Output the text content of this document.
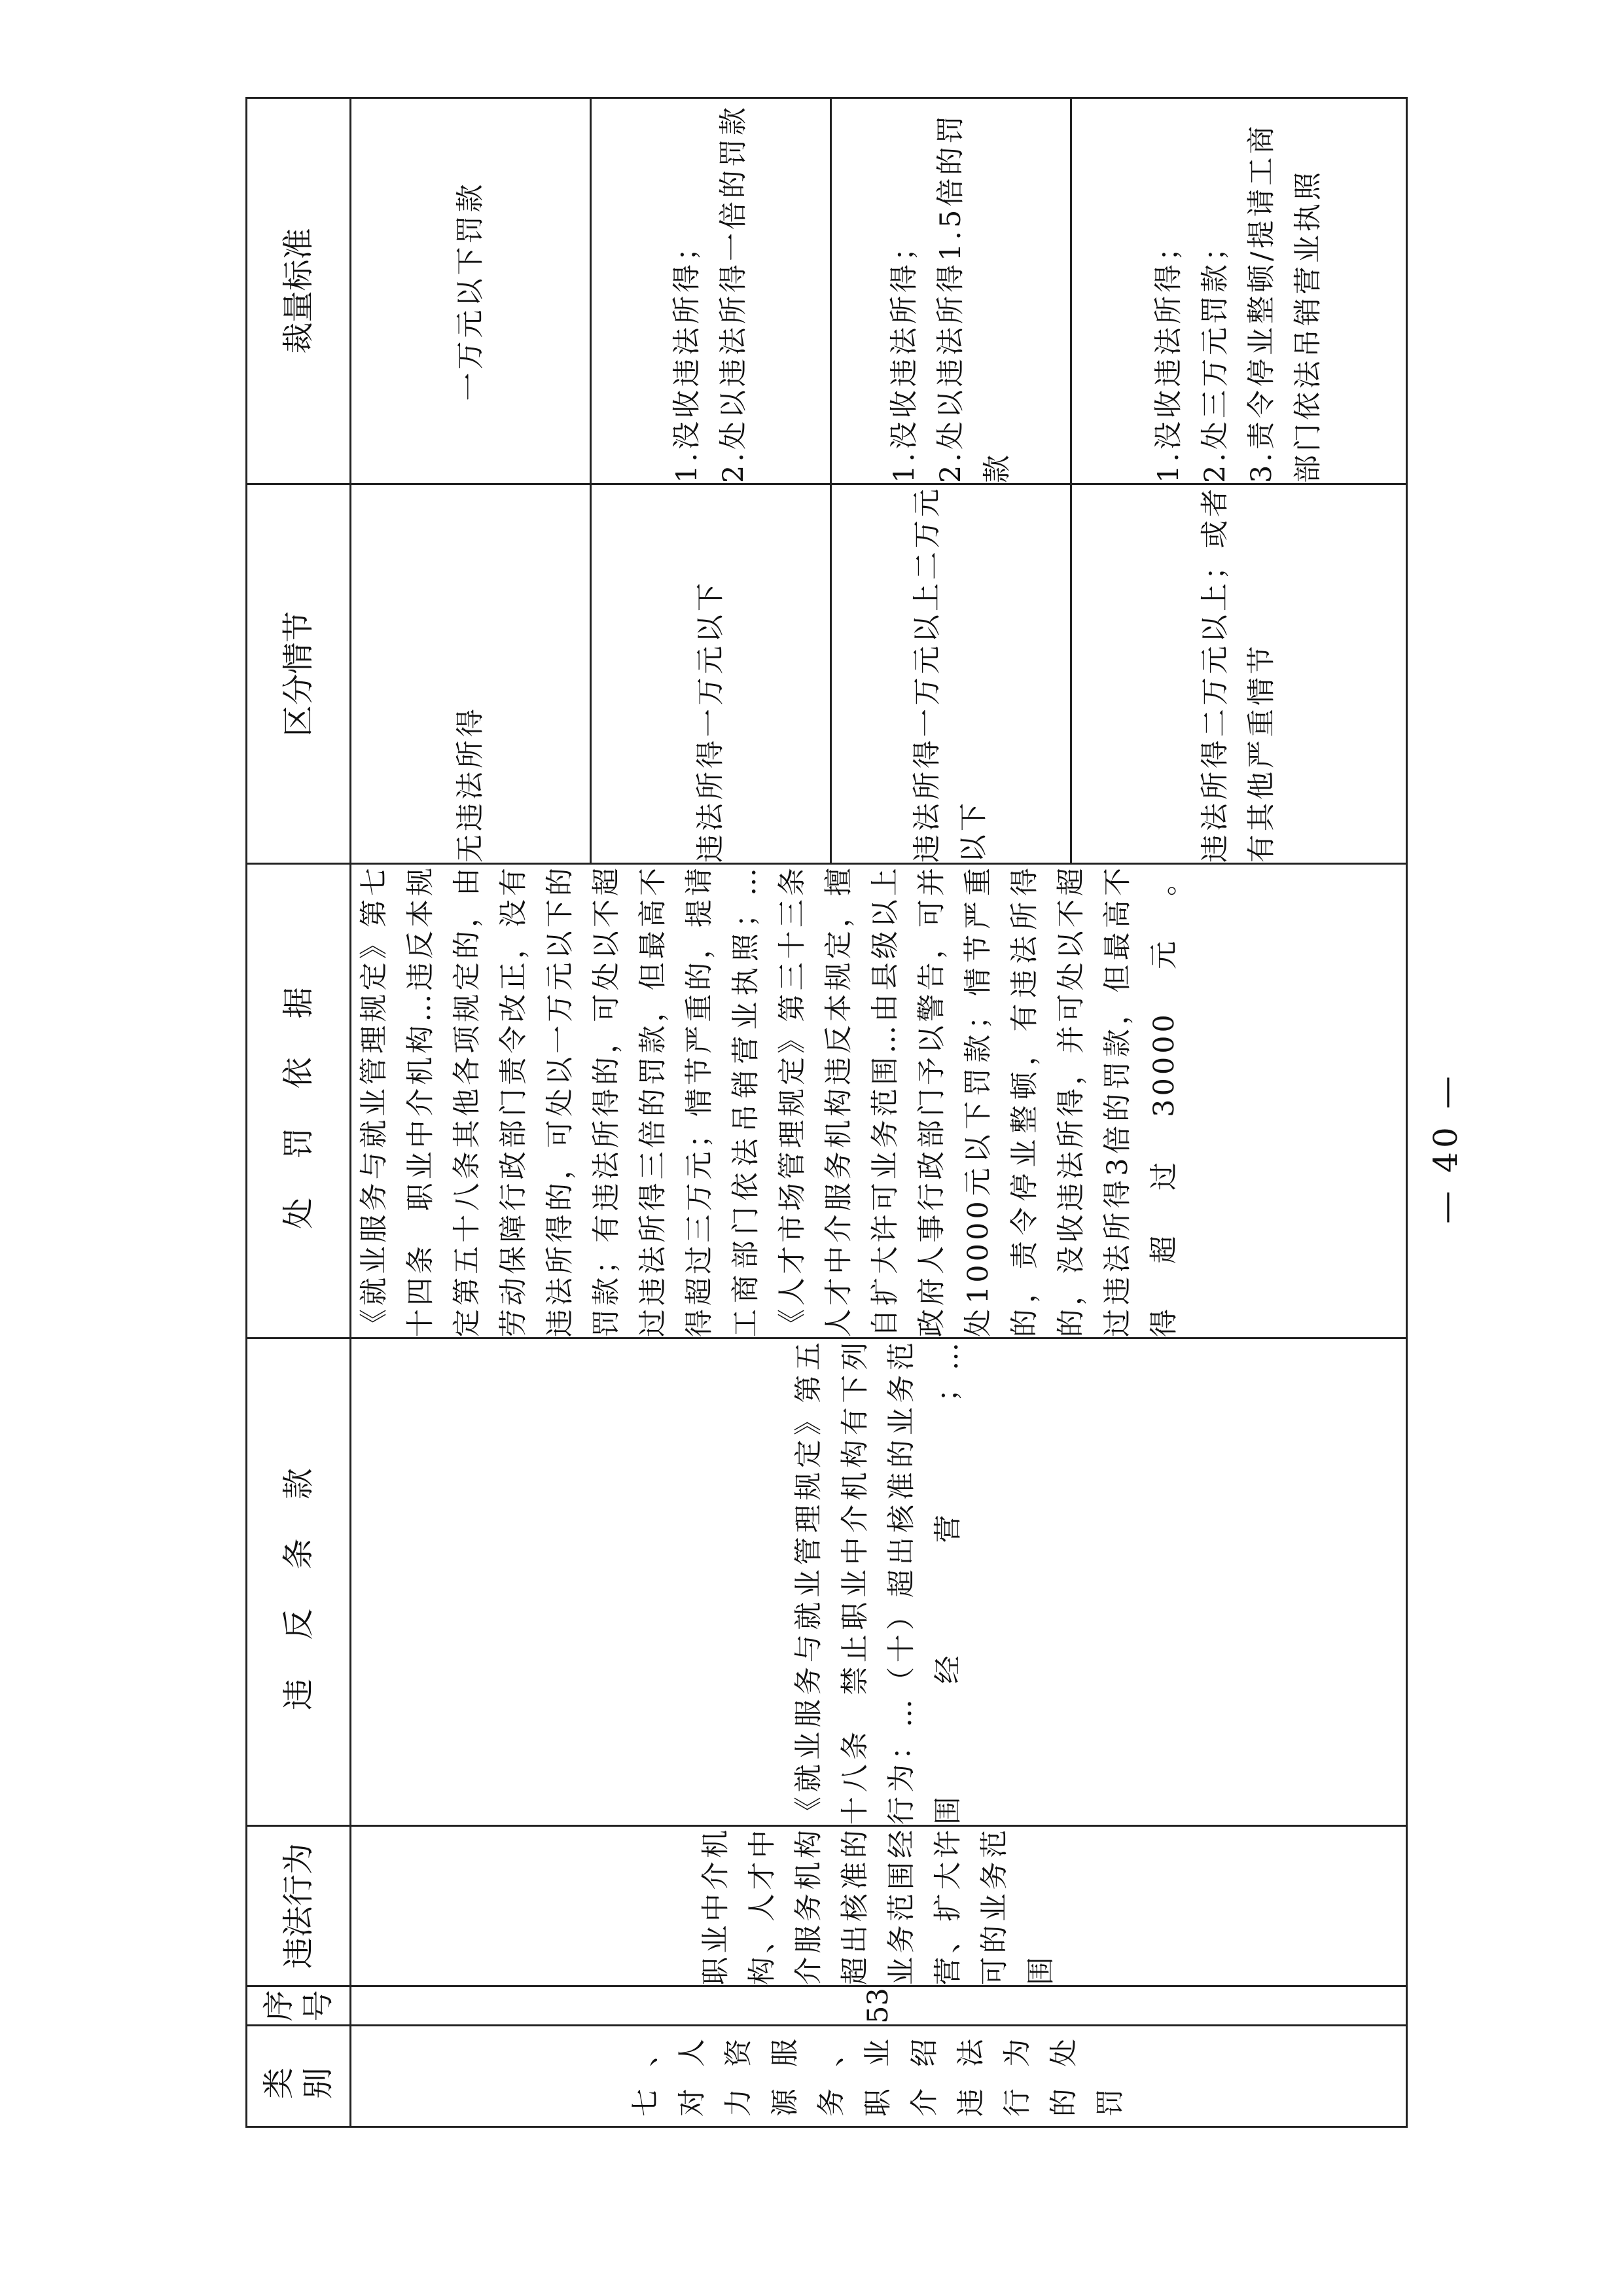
类 别	序 号	违法行为	违 反 条 款	处 罚 依 据	区分情节	裁量标准
七、对人力资源服务、职业介绍违法行为的处罚	53	职业中介机构、人才中介服务机构超出核准的业务范围经营、扩大许可的业务范围	《就业服务与就业管理规定》第五十八条　禁止职业中介机构有下列行为：…（十）超出核准的业务范围经营；…	《就业服务与就业管理规定》第七十四条　职业中介机构…违反本规定第五十八条其他各项规定的，由劳动保障行政部门责令改正，没有违法所得的，可处以一万元以下的罚款；有违法所得的，可处以不超过违法所得三倍的罚款，但最高不得超过三万元；情节严重的，提请工商部门依法吊销营业执照；… 《人才市场管理规定》第三十三条　人才中介服务机构违反本规定，擅自扩大许可业务范围…由县级以上政府人事行政部门予以警告，可并处10000元以下罚款；情节严重的，责令停业整顿，有违法所得的，没收违法所得，并可处以不超过违法所得3倍的罚款，但最高不得超过30000元。	无违法所得	一万元以下罚款

					违法所得一万元以下	1.没收违法所得； 2.处以违法所得一倍的罚款

					违法所得一万元以上二万元以下	1.没收违法所得； 2.处以违法所得1.5倍的罚款

					违法所得二万元以上；或者有其他严重情节	1.没收违法所得； 2.处三万元罚款； 3.责令停业整顿/提请工商部门依法吊销营业执照
— 40 —
